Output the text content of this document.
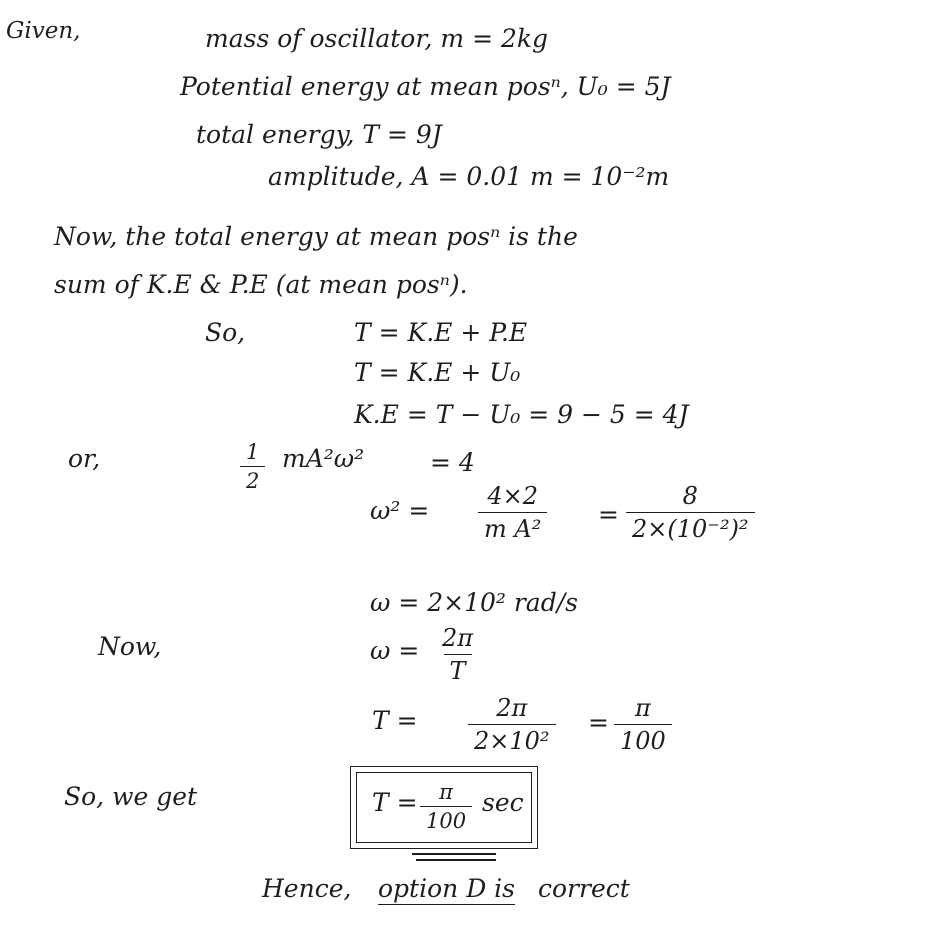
Given,	mass of oscillator, m = 2kg
Potential energy at mean posⁿ, U₀ = 5J
total energy, T = 9J
amplitude, A = 0.01 m = 10⁻²m
Now, the total energy at mean posⁿ is the
sum of K.E & P.E (at mean posⁿ).
So,	T = K.E + P.E
T = K.E + U₀
K.E = T − U₀ = 9 − 5 = 4J
or,	$\frac{1}{2} mA^2\omega^2$	= 4
$\omega^2 = \frac{4\times 2}{\text{m A²}} = \frac{8}{\text{2×(10⁻²)²}}$
ω = 2×10² rad/s
Now,	$\omega = \frac{2\pi}{T}$
$T = \frac{2\pi}{\text{2×10²}} = \frac{\pi}{100}$
So, we get	$T = \frac{\pi}{100}$ sec
Hence, option D is correct
